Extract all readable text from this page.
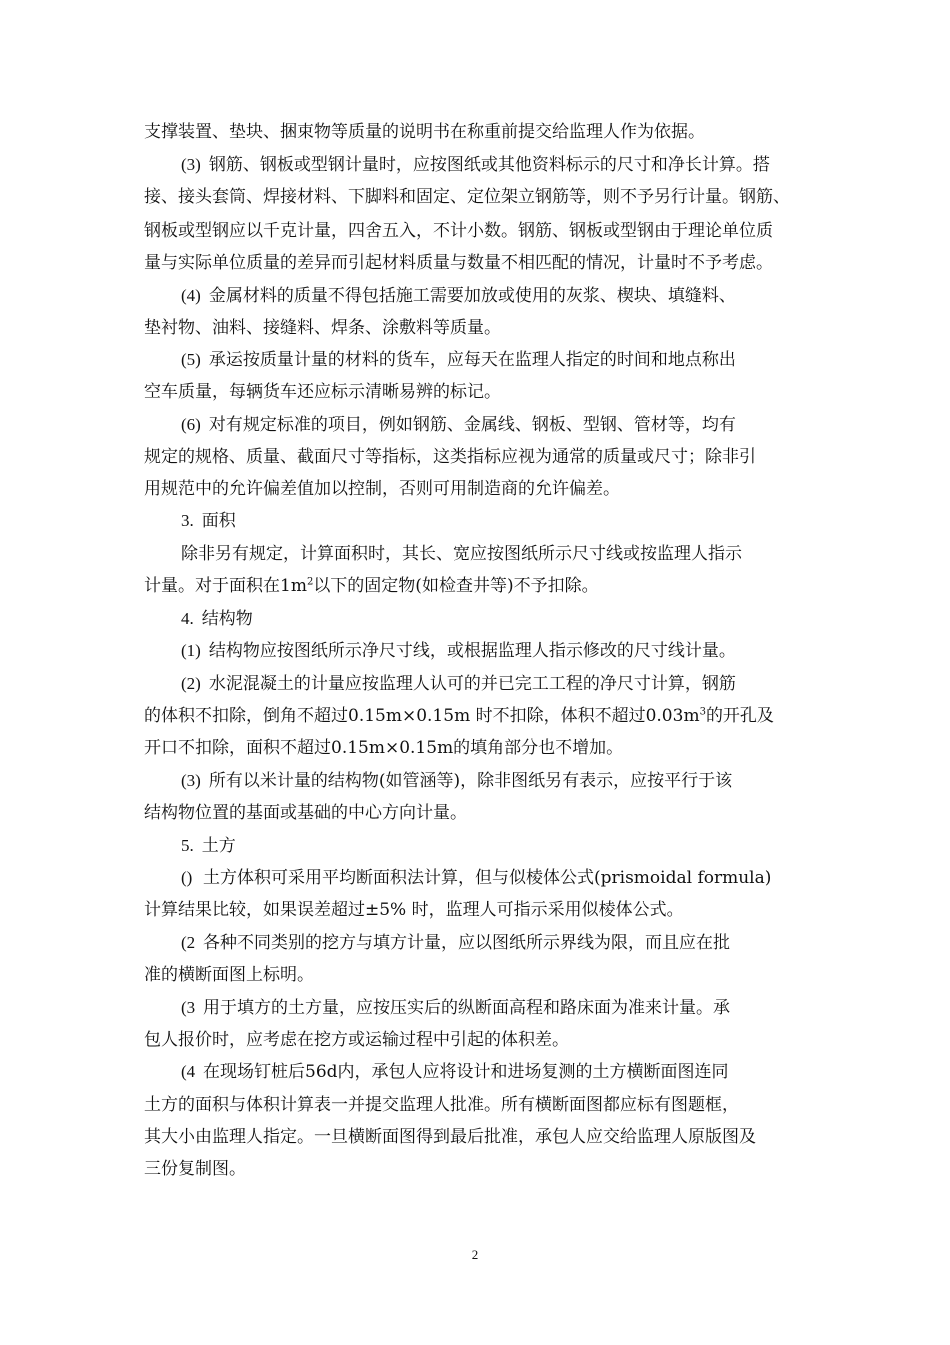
支撑装置、垫块、捆束物等质量的说明书在称重前提交给监理人作为依据。
(3) 钢筋、钢板或型钢计量时，应按图纸或其他资料标示的尺寸和净长计算。搭
接、接头套筒、焊接材料、下脚料和固定、定位架立钢筋等，则不予另行计量。钢筋、
钢板或型钢应以千克计量，四舍五入，不计小数。钢筋、钢板或型钢由于理论单位质
量与实际单位质量的差异而引起材料质量与数量不相匹配的情况，计量时不予考虑。
(4) 金属材料的质量不得包括施工需要加放或使用的灰浆、楔块、填缝料、
垫衬物、油料、接缝料、焊条、涂敷料等质量。
(5) 承运按质量计量的材料的货车，应每天在监理人指定的时间和地点称出
空车质量，每辆货车还应标示清晰易辨的标记。
(6) 对有规定标准的项目，例如钢筋、金属线、钢板、型钢、管材等，均有
规定的规格、质量、截面尺寸等指标，这类指标应视为通常的质量或尺寸；除非引
用规范中的允许偏差值加以控制，否则可用制造商的允许偏差。
3. 面积
除非另有规定，计算面积时，其长、宽应按图纸所示尺寸线或按监理人指示
计量。对于面积在$1m^2$以下的固定物(如检查井等)不予扣除。
4. 结构物
(1) 结构物应按图纸所示净尺寸线，或根据监理人指示修改的尺寸线计量。
(2) 水泥混凝土的计量应按监理人认可的并已完工工程的净尺寸计算，钢筋
的体积不扣除，倒角不超过0.15m×0.15m 时不扣除，体积不超过$0.03m^3$的开孔及
开口不扣除，面积不超过0.15m×0.15m的填角部分也不增加。
(3) 所有以米计量的结构物(如管涵等)，除非图纸另有表示，应按平行于该
结构物位置的基面或基础的中心方向计量。
5. 土方
() 土方体积可采用平均断面积法计算，但与似棱体公式(prismoidal formula)
计算结果比较，如果误差超过±5% 时，监理人可指示采用似棱体公式。
(2 各种不同类别的挖方与填方计量，应以图纸所示界线为限，而且应在批
准的横断面图上标明。
(3 用于填方的土方量，应按压实后的纵断面高程和路床面为准来计量。承
包人报价时，应考虑在挖方或运输过程中引起的体积差。
(4 在现场钉桩后56d内，承包人应将设计和进场复测的土方横断面图连同
土方的面积与体积计算表一并提交监理人批准。所有横断面图都应标有图题框，
其大小由监理人指定。一旦横断面图得到最后批准，承包人应交给监理人原版图及
三份复制图。
2
